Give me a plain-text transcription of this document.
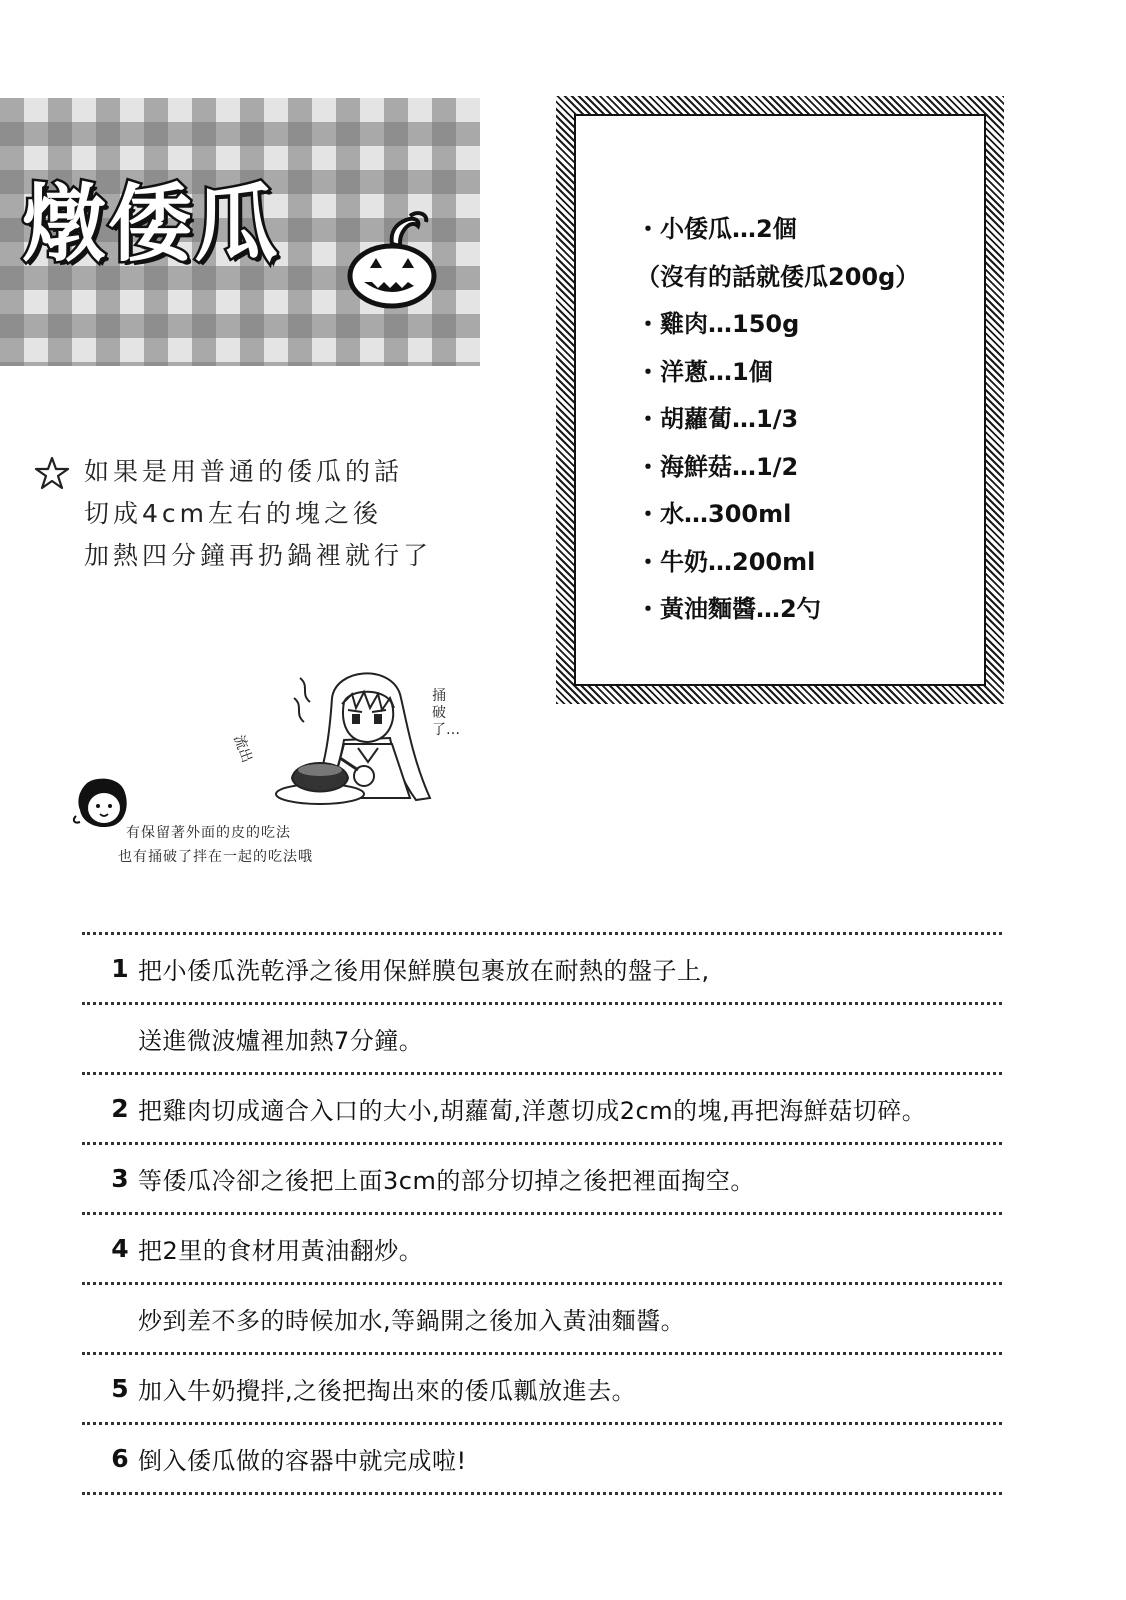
燉倭瓜	・小倭瓜…2個
（沒有的話就倭瓜200g）
・雞肉…150g
・洋蔥…1個
・胡蘿蔔…1/3
・海鮮菇…1/2
・水…300ml
・牛奶…200ml
・黃油麵醬…2勺
如果是用普通的倭瓜的話
切成4cm左右的塊之後
加熱四分鐘再扔鍋裡就行了
捅破了…
流出
有保留著外面的皮的吃法
也有捅破了拌在一起的吃法哦
1 把小倭瓜洗乾淨之後用保鮮膜包裹放在耐熱的盤子上,
送進微波爐裡加熱7分鐘。
2 把雞肉切成適合入口的大小,胡蘿蔔,洋蔥切成2cm的塊,再把海鮮菇切碎。
3 等倭瓜冷卻之後把上面3cm的部分切掉之後把裡面掏空。
4 把2里的食材用黃油翻炒。
炒到差不多的時候加水,等鍋開之後加入黃油麵醬。
5 加入牛奶攪拌,之後把掏出來的倭瓜瓤放進去。
6 倒入倭瓜做的容器中就完成啦!
